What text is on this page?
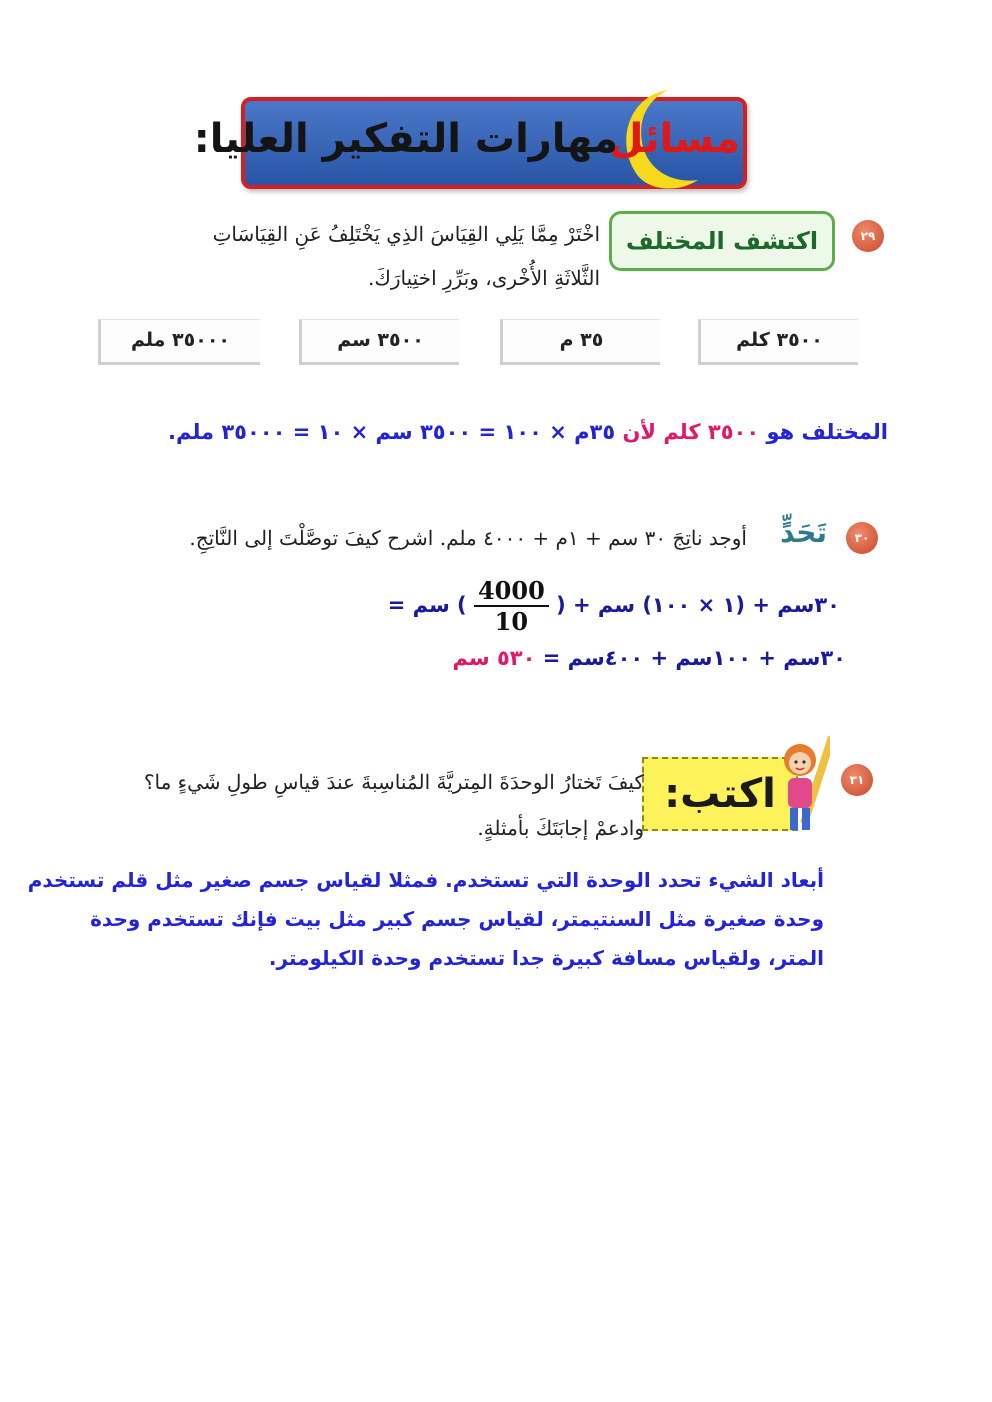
مسائل
مهارات التفكير العليا:
٢٩
اكتشف المختلف
اخْتَرْ مِمَّا يَلِي القِيَاسَ الذِي يَخْتَلِفُ عَنِ القِيَاسَاتِ
الثَّلاثَةِ الأُخْرى، وبَرِّرِ اختِيارَكَ.
٣٥٠٠ كلم
٣٥ م
٣٥٠٠ سم
٣٥٠٠٠ ملم
المختلف هو ٣٥٠٠ كلم لأن ٣٥م × ١٠٠ = ٣٥٠٠ سم × ١٠ = ٣٥٠٠٠ ملم.
٣٠
تَحَدٍّ
أوجد ناتِجَ ٣٠ سم + ١م + ٤٠٠٠ ملم. اشرح كيفَ توصَّلْتَ إلى النَّاتِجِ.
٣٠سم + (١ × ١٠٠) سم + (
$\frac{4000}{10}$
) سم =
٣٠سم + ١٠٠سم + ٤٠٠سم = ٥٣٠ سم
٣١
اكتب:
كيفَ تَختارُ الوحدَةَ المِتريَّةَ المُناسِبةَ عندَ قياسِ طولِ شَيءٍ ما؟
وادعمْ إجابَتَكَ بأمثلةٍ.
أبعاد الشيء تحدد الوحدة التي تستخدم. فمثلا لقياس جسم صغير مثل قلم تستخدم
وحدة صغيرة مثل السنتيمتر، لقياس جسم كبير مثل بيت فإنك تستخدم وحدة
المتر، ولقياس مسافة كبيرة جدا تستخدم وحدة الكيلومتر.
